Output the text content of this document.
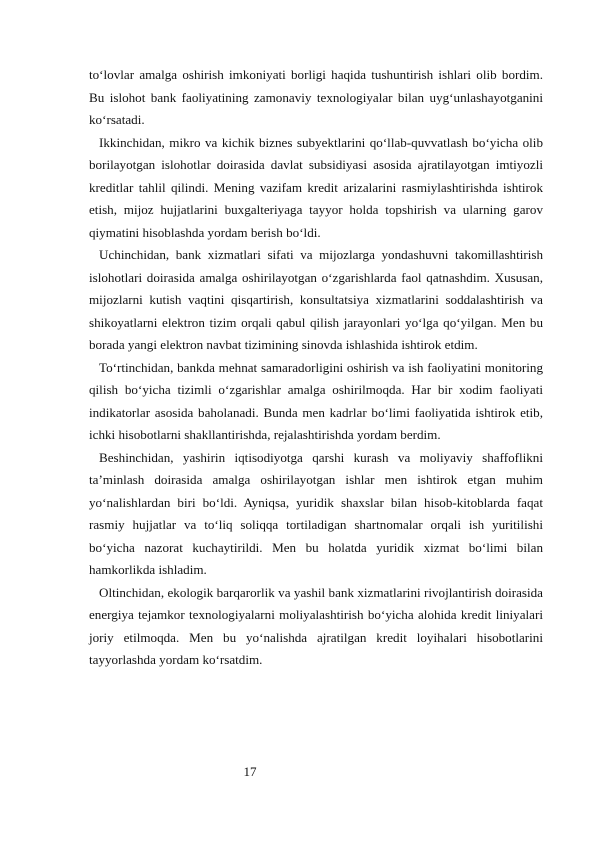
to‘lovlar amalga oshirish imkoniyati borligi haqida tushuntirish ishlari olib bordim. Bu islohot bank faoliyatining zamonaviy texnologiyalar bilan uyg‘unlashayotganini ko‘rsatadi.

Ikkinchidan, mikro va kichik biznes subyektlarini qo‘llab-quvvatlash bo‘yicha olib borilayotgan islohotlar doirasida davlat subsidiyasi asosida ajratilayotgan imtiyozli kreditlar tahlil qilindi. Mening vazifam kredit arizalarini rasmiylashtirishda ishtirok etish, mijoz hujjatlarini buxgalteriyaga tayyor holda topshirish va ularning garov qiymatini hisoblashda yordam berish bo‘ldi.

Uchinchidan, bank xizmatlari sifati va mijozlarga yondashuvni takomillashtirish islohotlari doirasida amalga oshirilayotgan o‘zgarishlarda faol qatnashdim. Xususan, mijozlarni kutish vaqtini qisqartirish, konsultatsiya xizmatlarini soddalashtirish va shikoyatlarni elektron tizim orqali qabul qilish jarayonlari yo‘lga qo‘yilgan. Men bu borada yangi elektron navbat tizimining sinovda ishlashida ishtirok etdim.

To‘rtinchidan, bankda mehnat samaradorligini oshirish va ish faoliyatini monitoring qilish bo‘yicha tizimli o‘zgarishlar amalga oshirilmoqda. Har bir xodim faoliyati indikatorlar asosida baholanadi. Bunda men kadrlar bo‘limi faoliyatida ishtirok etib, ichki hisobotlarni shakllantirishda, rejalashtirishda yordam berdim.

Beshinchidan, yashirin iqtisodiyotga qarshi kurash va moliyaviy shaffoflikni ta’minlash doirasida amalga oshirilayotgan ishlar men ishtirok etgan muhim yo‘nalishlardan biri bo‘ldi. Ayniqsa, yuridik shaxslar bilan hisob-kitoblarda faqat rasmiy hujjatlar va to‘liq soliqqa tortiladigan shartnomalar orqali ish yuritilishi bo‘yicha nazorat kuchaytirildi. Men bu holatda yuridik xizmat bo‘limi bilan hamkorlikda ishladim.

Oltinchidan, ekologik barqarorlik va yashil bank xizmatlarini rivojlantirish doirasida energiya tejamkor texnologiyalarni moliyalashtirish bo‘yicha alohida kredit liniyalari joriy etilmoqda. Men bu yo‘nalishda ajratilgan kredit loyihalari hisobotlarini tayyorlashda yordam ko‘rsatdim.

17
